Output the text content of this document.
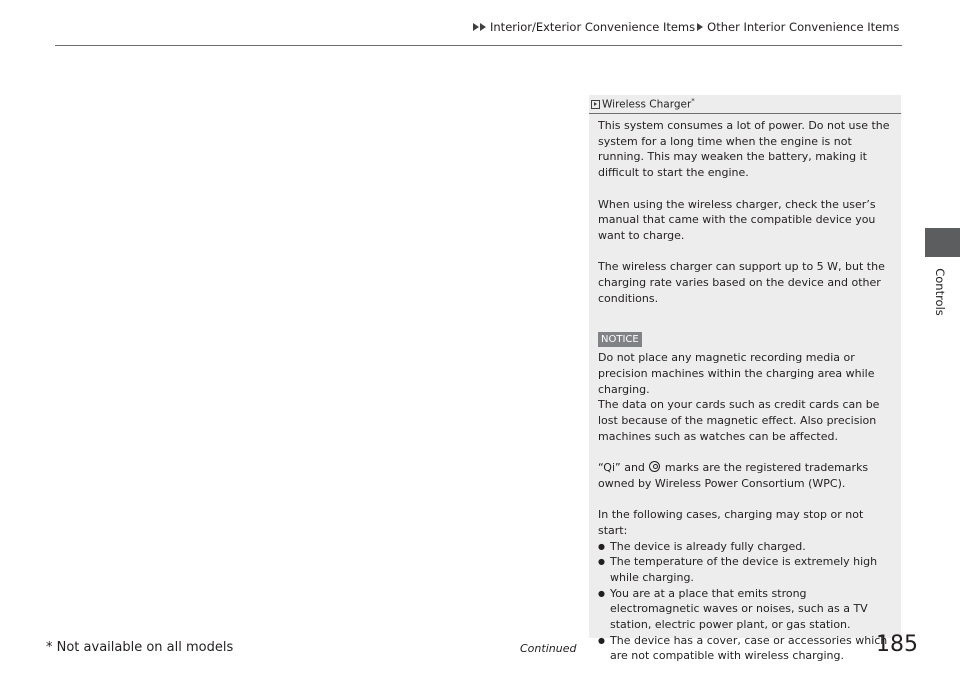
Interior/Exterior Convenience Items Other Interior Convenience Items
Controls
Wireless Charger*

This system consumes a lot of power. Do not use the system for a long time when the engine is not running. This may weaken the battery, making it difficult to start the engine.

When using the wireless charger, check the user’s manual that came with the compatible device you want to charge.

The wireless charger can support up to 5 W, but the charging rate varies based on the device and other conditions.

NOTICE

Do not place any magnetic recording media or precision machines within the charging area while charging.

The data on your cards such as credit cards can be lost because of the magnetic effect. Also precision machines such as watches can be affected.

“Qi” and marks are the registered trademarks owned by Wireless Power Consortium (WPC).

In the following cases, charging may stop or not start:

● The device is already fully charged.
● The temperature of the device is extremely high while charging.
● You are at a place that emits strong electromagnetic waves or noises, such as a TV station, electric power plant, or gas station.
● The device has a cover, case or accessories which are not compatible with wireless charging.
* Not available on all models	Continued	185
